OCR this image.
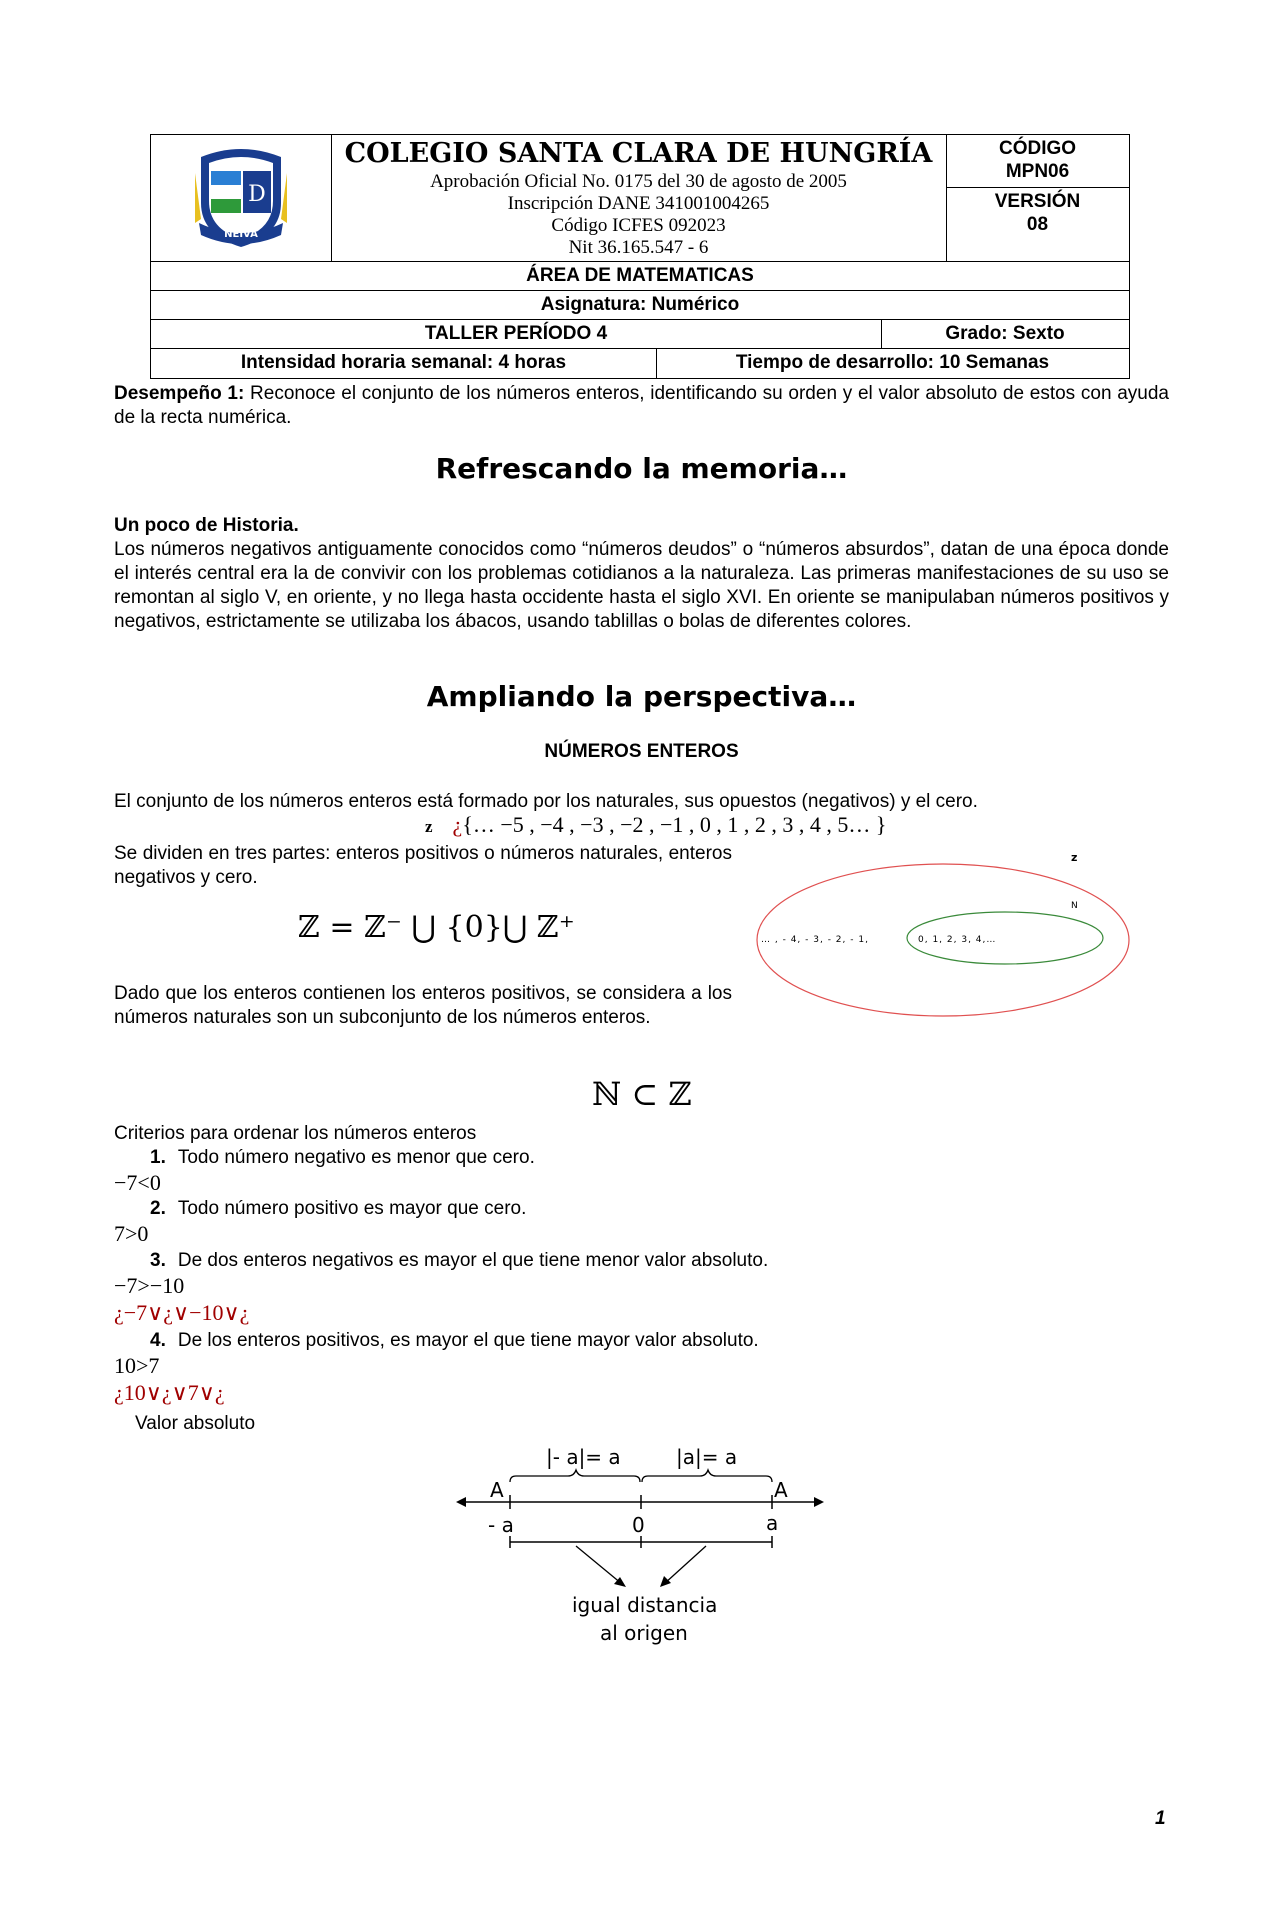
D
NEIVA
COLEGIO SANTA CLARA DE HUNGRÍA
Aprobación Oficial No. 0175 del 30 de agosto de 2005
Inscripción DANE 341001004265
Código ICFES 092023
Nit 36.165.547 - 6
CÓDIGO
MPN06
VERSIÓN
08
ÁREA DE MATEMATICAS
Asignatura: Numérico
TALLER PERÍODO 4	Grado: Sexto
Intensidad horaria semanal: 4 horas	Tiempo de desarrollo: 10 Semanas
Desempeño 1: Reconoce el conjunto de los números enteros, identificando su orden y el valor absoluto de estos con ayuda de la recta numérica.
Refrescando la memoria…
Un poco de Historia.
Los números negativos antiguamente conocidos como “números deudos” o “números absurdos”, datan de una época donde el interés central era la de convivir con los problemas cotidianos a la naturaleza. Las primeras manifestaciones de su uso se remontan al siglo V, en oriente, y no llega hasta occidente hasta el siglo XVI. En oriente se manipulaban números positivos y negativos, estrictamente se utilizaba los ábacos, usando tablillas o bolas de diferentes colores.
Ampliando la perspectiva…
NÚMEROS ENTEROS
El conjunto de los números enteros está formado por los naturales, sus opuestos (negativos) y el cero.
z ¿{… −5 , −4 , −3 , −2 , −1 , 0 , 1 , 2 , 3 , 4 , 5… }
Se dividen en tres partes: enteros positivos o números naturales, enteros negativos y cero.
ℤ = ℤ⁻ ⋃ {0}⋃ ℤ⁺
z
N
… , - 4, - 3, - 2, - 1,	0, 1, 2, 3, 4,…
Dado que los enteros contienen los enteros positivos, se considera a los números naturales son un subconjunto de los números enteros.
ℕ ⊂ ℤ
Criterios para ordenar los números enteros
1. Todo número negativo es menor que cero.
−7<0
2. Todo número positivo es mayor que cero.
7>0
3. De dos enteros negativos es mayor el que tiene menor valor absoluto.
−7>−10
¿−7∨¿∨−10∨¿
4. De los enteros positivos, es mayor el que tiene mayor valor absoluto.
10>7
¿10∨¿∨7∨¿
Valor absoluto
|- a|= a	|a|= a
A	A
- a	0	a
igual distancia
al origen
1
